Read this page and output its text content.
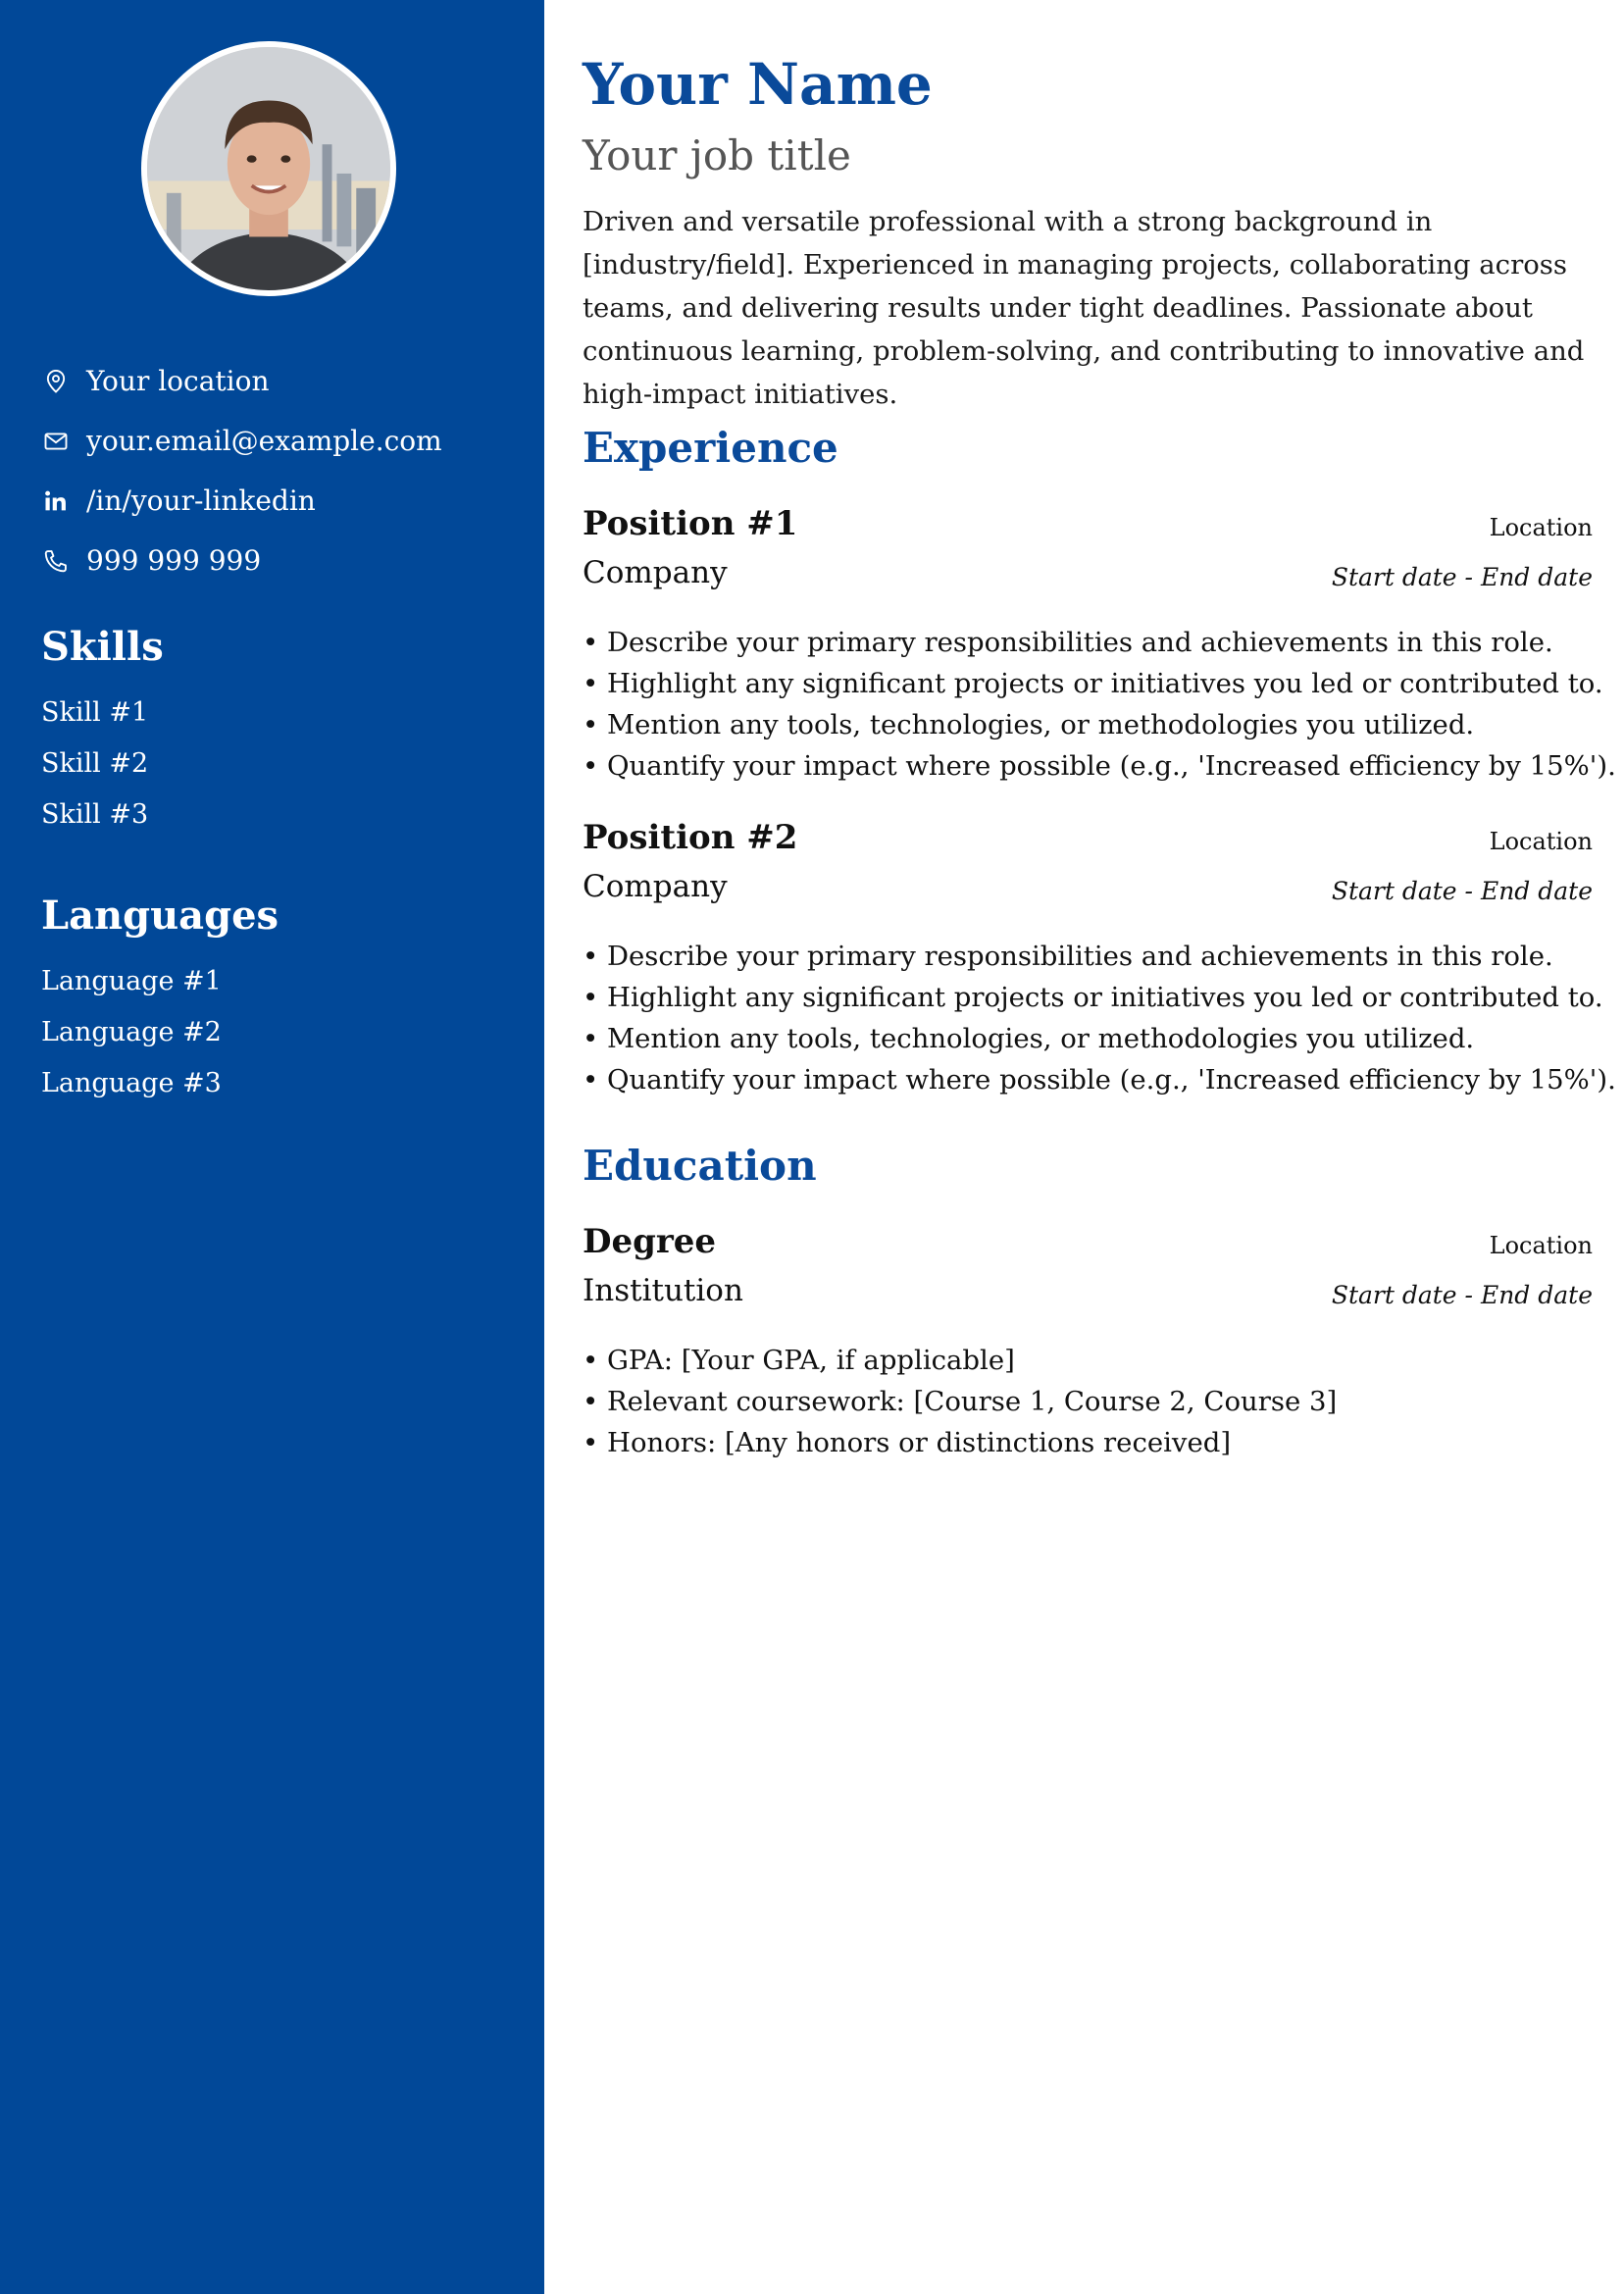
Your location
your.email@example.com
/in/your-linkedin
999 999 999
Skills
Skill #1
Skill #2
Skill #3
Languages
Language #1
Language #2
Language #3
Your Name
Your job title

Driven and versatile professional with a strong background in [industry/field]. Experienced in managing projects, collaborating across teams, and delivering results under tight deadlines. Passionate about continuous learning, problem-solving, and contributing to innovative and high-impact initiatives.

Experience
Position #1	Location
Company	Start date - End date
• Describe your primary responsibilities and achievements in this role.
• Highlight any significant projects or initiatives you led or contributed to.
• Mention any tools, technologies, or methodologies you utilized.
• Quantify your impact where possible (e.g., 'Increased efficiency by 15%').
Position #2	Location
Company	Start date - End date
• Describe your primary responsibilities and achievements in this role.
• Highlight any significant projects or initiatives you led or contributed to.
• Mention any tools, technologies, or methodologies you utilized.
• Quantify your impact where possible (e.g., 'Increased efficiency by 15%').
Education
Degree	Location
Institution	Start date - End date
• GPA: [Your GPA, if applicable]
• Relevant coursework: [Course 1, Course 2, Course 3]
• Honors: [Any honors or distinctions received]
